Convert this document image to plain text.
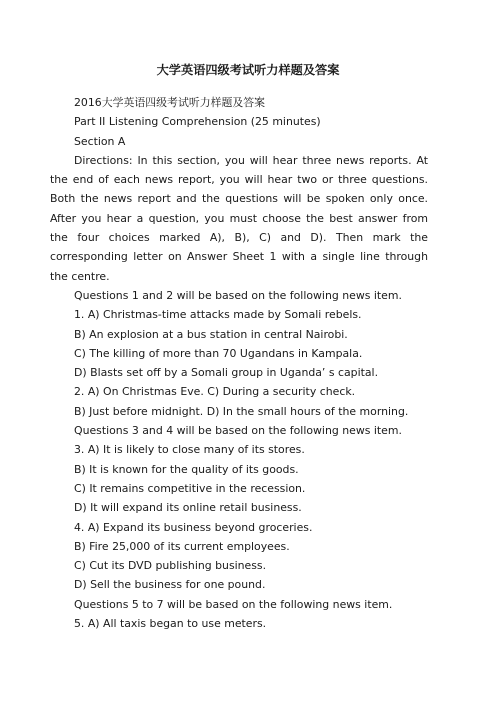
大学英语四级考试听力样题及答案
2016大学英语四级考试听力样题及答案
Part II Listening Comprehension (25 minutes)
Section A

Directions: In this section, you will hear three news reports. At the end of each news report, you will hear two or three questions. Both the news report and the questions will be spoken only once. After you hear a question, you must choose the best answer from the four choices marked A), B), C) and D). Then mark the corresponding letter on Answer Sheet 1 with a single line through the centre.

Questions 1 and 2 will be based on the following news item.
1. A) Christmas-time attacks made by Somali rebels.
B) An explosion at a bus station in central Nairobi.
C) The killing of more than 70 Ugandans in Kampala.
D) Blasts set off by a Somali group in Uganda’ s capital.
2. A) On Christmas Eve. C) During a security check.
B) Just before midnight. D) In the small hours of the morning.
Questions 3 and 4 will be based on the following news item.
3. A) It is likely to close many of its stores.
B) It is known for the quality of its goods.
C) It remains competitive in the recession.
D) It will expand its online retail business.
4. A) Expand its business beyond groceries.
B) Fire 25,000 of its current employees.
C) Cut its DVD publishing business.
D) Sell the business for one pound.
Questions 5 to 7 will be based on the following news item.
5. A) All taxis began to use meters.
